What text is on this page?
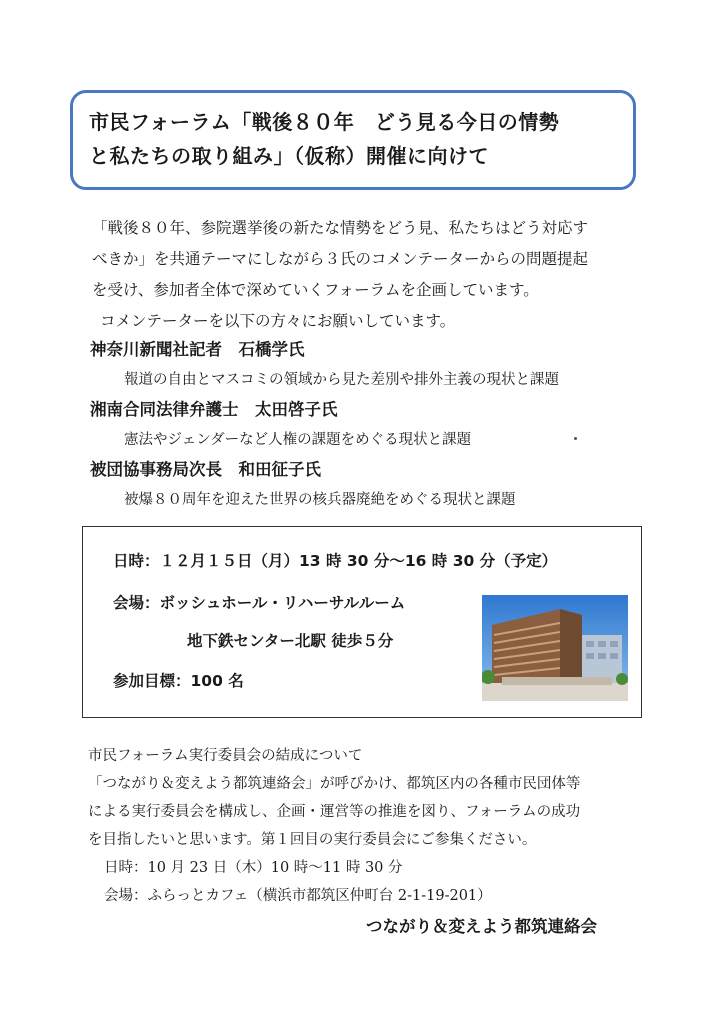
市民フォーラム「戦後８０年　どう見る今日の情勢
と私たちの取り組み」（仮称）開催に向けて
「戦後８０年、参院選挙後の新たな情勢をどう見、私たちはどう対応す
べきか」を共通テーマにしながら３氏のコメンテーターからの問題提起
を受け、参加者全体で深めていくフォーラムを企画しています。
コメンテーターを以下の方々にお願いしています。
神奈川新聞社記者　石橋学氏
報道の自由とマスコミの領域から見た差別や排外主義の現状と課題
湘南合同法律弁護士　太田啓子氏
憲法やジェンダーなど人権の課題をめぐる現状と課題
被団協事務局次長　和田征子氏
被爆８０周年を迎えた世界の核兵器廃絶をめぐる現状と課題
日時：１２月１５日（月）13 時 30 分～16 時 30 分（予定）
会場：ボッシュホール・リハーサルルーム
地下鉄センター北駅 徒歩５分
参加目標：100 名
市民フォーラム実行委員会の結成について
「つながり＆変えよう都筑連絡会」が呼びかけ、都筑区内の各種市民団体等
による実行委員会を構成し、企画・運営等の推進を図り、フォーラムの成功
を目指したいと思います。第１回目の実行委員会にご参集ください。
日時：10 月 23 日（木）10 時～11 時 30 分
会場：ふらっとカフェ（横浜市都筑区仲町台 2-1-19-201）
つながり＆変えよう都筑連絡会
